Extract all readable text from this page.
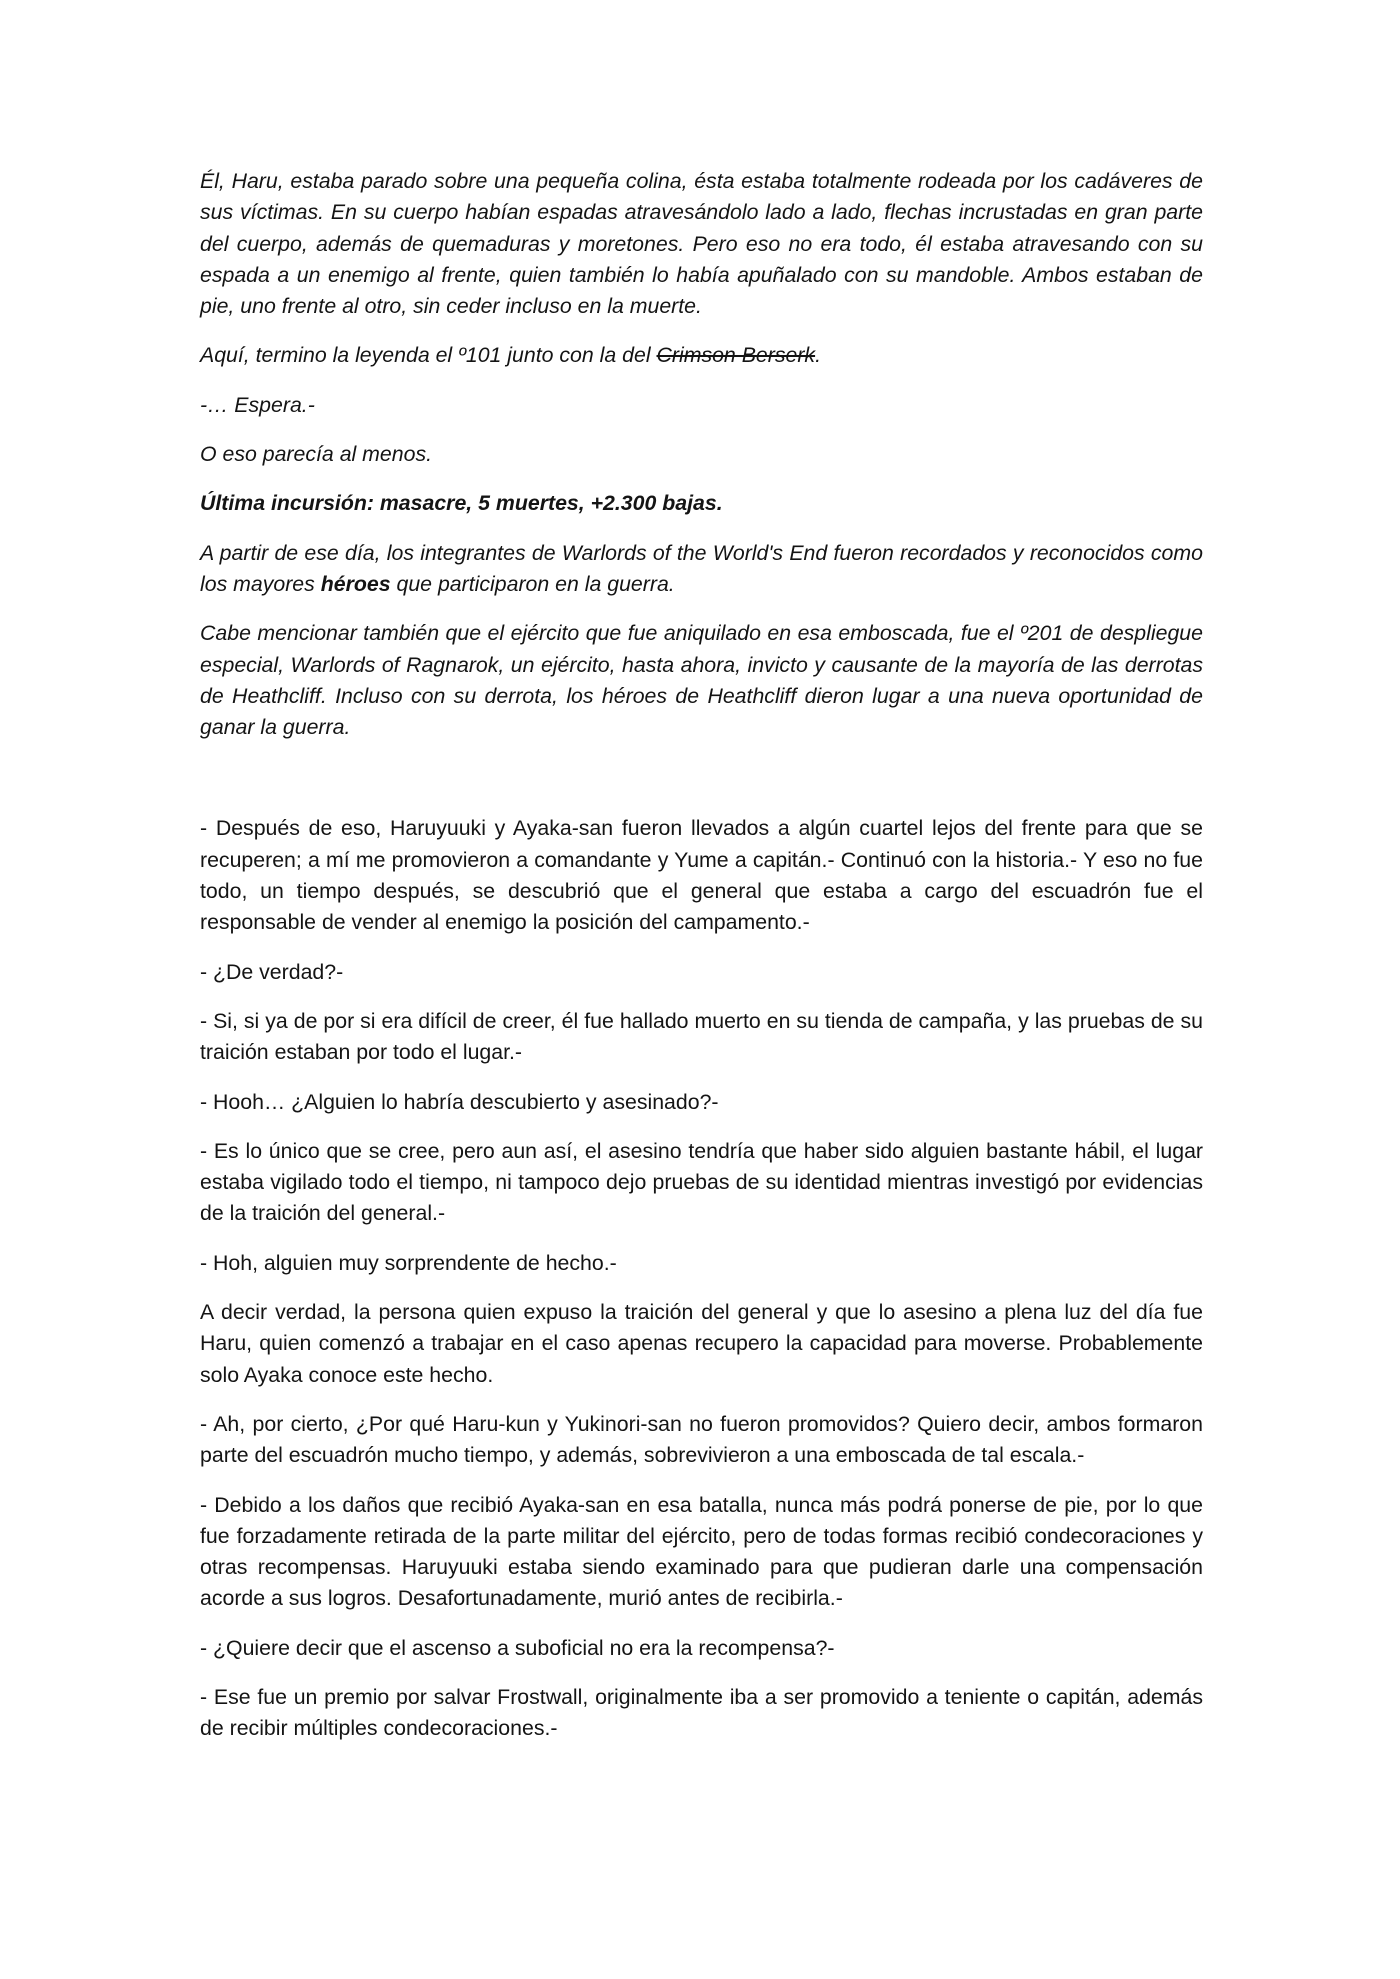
Él, Haru, estaba parado sobre una pequeña colina, ésta estaba totalmente rodeada por los cadáveres de sus víctimas. En su cuerpo habían espadas atravesándolo lado a lado, flechas incrustadas en gran parte del cuerpo, además de quemaduras y moretones. Pero eso no era todo, él estaba atravesando con su espada a un enemigo al frente, quien también lo había apuñalado con su mandoble. Ambos estaban de pie, uno frente al otro, sin ceder incluso en la muerte.

Aquí, termino la leyenda el º101 junto con la del Crimson Berserk.

-… Espera.-

O eso parecía al menos.

Última incursión: masacre, 5 muertes, +2.300 bajas.

A partir de ese día, los integrantes de Warlords of the World's End fueron recordados y reconocidos como los mayores héroes que participaron en la guerra.

Cabe mencionar también que el ejército que fue aniquilado en esa emboscada, fue el º201 de despliegue especial, Warlords of Ragnarok, un ejército, hasta ahora, invicto y causante de la mayoría de las derrotas de Heathcliff. Incluso con su derrota, los héroes de Heathcliff dieron lugar a una nueva oportunidad de ganar la guerra.

- Después de eso, Haruyuuki y Ayaka-san fueron llevados a algún cuartel lejos del frente para que se recuperen; a mí me promovieron a comandante y Yume a capitán.- Continuó con la historia.- Y eso no fue todo, un tiempo después, se descubrió que el general que estaba a cargo del escuadrón fue el responsable de vender al enemigo la posición del campamento.-

- ¿De verdad?-

- Si, si ya de por si era difícil de creer, él fue hallado muerto en su tienda de campaña, y las pruebas de su traición estaban por todo el lugar.-

- Hooh… ¿Alguien lo habría descubierto y asesinado?-

- Es lo único que se cree, pero aun así, el asesino tendría que haber sido alguien bastante hábil, el lugar estaba vigilado todo el tiempo, ni tampoco dejo pruebas de su identidad mientras investigó por evidencias de la traición del general.-

- Hoh, alguien muy sorprendente de hecho.-

A decir verdad, la persona quien expuso la traición del general y que lo asesino a plena luz del día fue Haru, quien comenzó a trabajar en el caso apenas recupero la capacidad para moverse. Probablemente solo Ayaka conoce este hecho.

- Ah, por cierto, ¿Por qué Haru-kun y Yukinori-san no fueron promovidos? Quiero decir, ambos formaron parte del escuadrón mucho tiempo, y además, sobrevivieron a una emboscada de tal escala.-

- Debido a los daños que recibió Ayaka-san en esa batalla, nunca más podrá ponerse de pie, por lo que fue forzadamente retirada de la parte militar del ejército, pero de todas formas recibió condecoraciones y otras recompensas. Haruyuuki estaba siendo examinado para que pudieran darle una compensación acorde a sus logros. Desafortunadamente, murió antes de recibirla.-

- ¿Quiere decir que el ascenso a suboficial no era la recompensa?-

- Ese fue un premio por salvar Frostwall, originalmente iba a ser promovido a teniente o capitán, además de recibir múltiples condecoraciones.-
